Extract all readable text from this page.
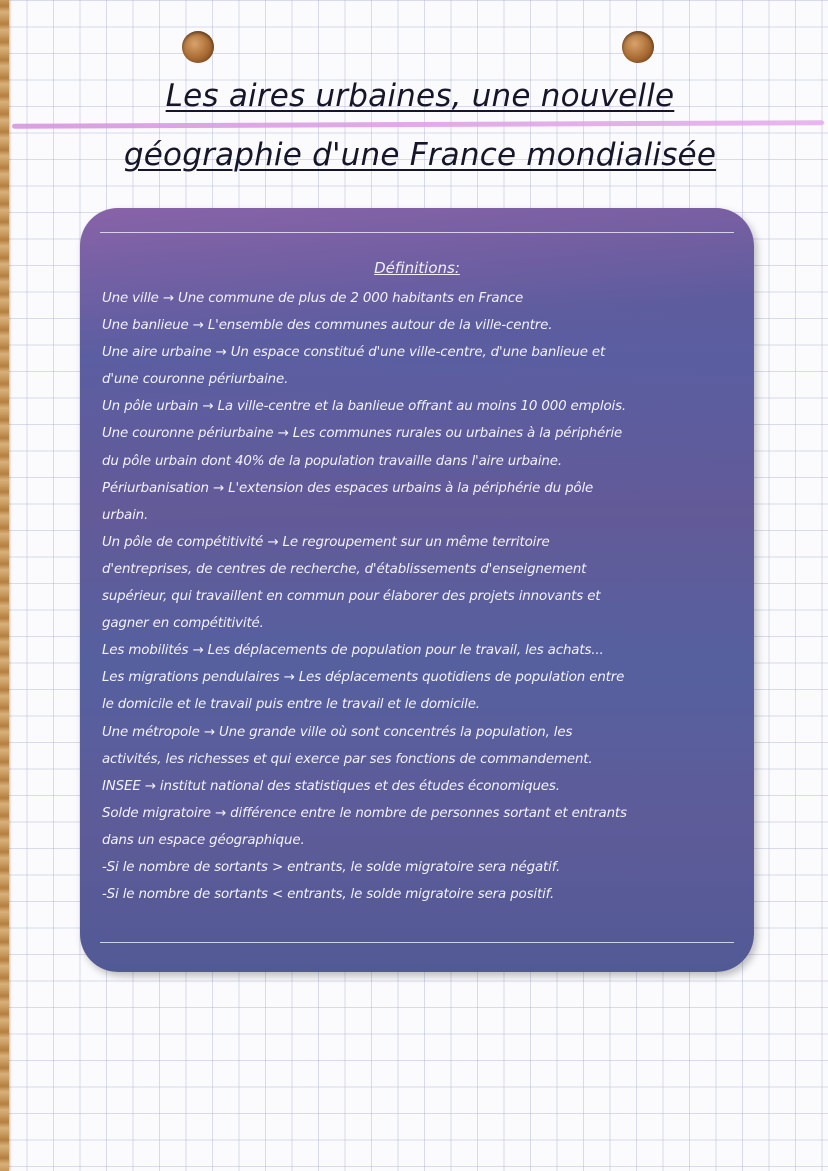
Les aires urbaines, une nouvelle
géographie d'une France mondialisée
Définitions:
Une ville → Une commune de plus de 2 000 habitants en France
Une banlieue → L'ensemble des communes autour de la ville-centre.
Une aire urbaine → Un espace constitué d'une ville-centre, d'une banlieue et
d'une couronne périurbaine.
Un pôle urbain → La ville-centre et la banlieue offrant au moins 10 000 emplois.
Une couronne périurbaine → Les communes rurales ou urbaines à la périphérie
du pôle urbain dont 40% de la population travaille dans l'aire urbaine.
Périurbanisation → L'extension des espaces urbains à la périphérie du pôle
urbain.
Un pôle de compétitivité → Le regroupement sur un même territoire
d'entreprises, de centres de recherche, d'établissements d'enseignement
supérieur, qui travaillent en commun pour élaborer des projets innovants et
gagner en compétitivité.
Les mobilités → Les déplacements de population pour le travail, les achats...
Les migrations pendulaires → Les déplacements quotidiens de population entre
le domicile et le travail puis entre le travail et le domicile.
Une métropole → Une grande ville où sont concentrés la population, les
activités, les richesses et qui exerce par ses fonctions de commandement.
INSEE → institut national des statistiques et des études économiques.
Solde migratoire → différence entre le nombre de personnes sortant et entrants
dans un espace géographique.
-Si le nombre de sortants > entrants, le solde migratoire sera négatif.
-Si le nombre de sortants < entrants, le solde migratoire sera positif.
